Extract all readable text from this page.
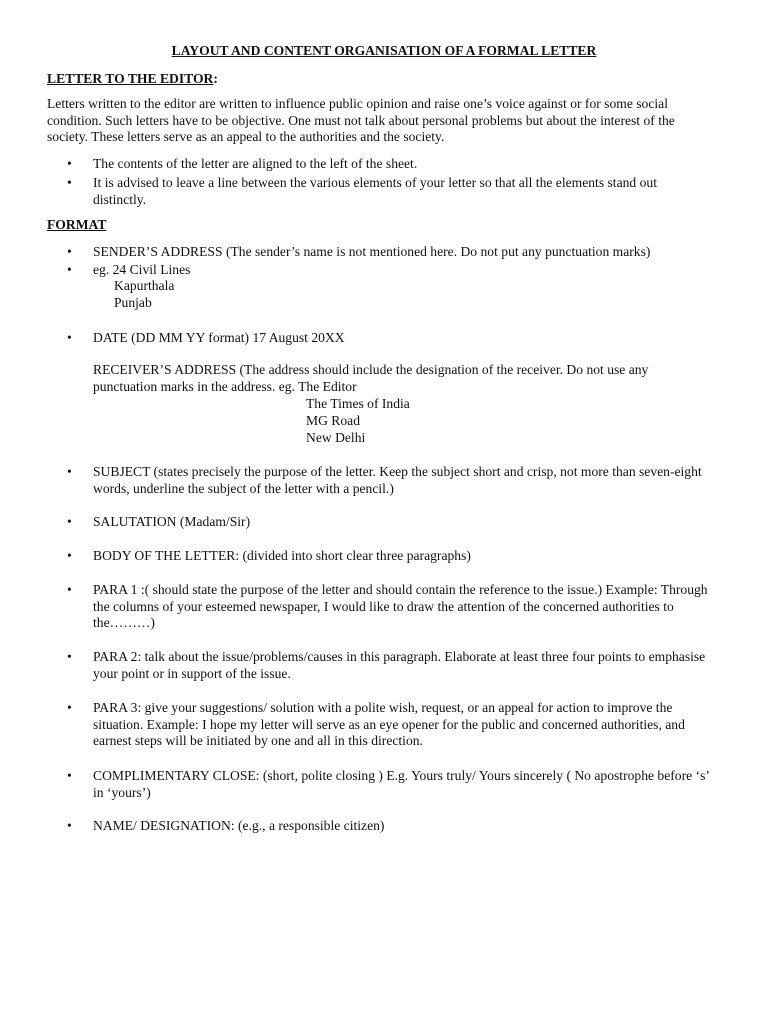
LAYOUT AND CONTENT ORGANISATION OF A FORMAL LETTER
LETTER TO THE EDITOR:

Letters written to the editor are written to influence public opinion and raise one’s voice against or for some social condition. Such letters have to be objective. One must not talk about personal problems but about the interest of the society. These letters serve as an appeal to the authorities and the society.

• The contents of the letter are aligned to the left of the sheet.
• It is advised to leave a line between the various elements of your letter so that all the elements stand out distinctly.
FORMAT
• SENDER’S ADDRESS (The sender’s name is not mentioned here. Do not put any punctuation marks)
• eg. 24 Civil Lines
Kapurthala
Punjab
• DATE (DD MM YY format) 17 August 20XX
RECEIVER’S ADDRESS (The address should include the designation of the receiver. Do not use any punctuation marks in the address. eg. The Editor
The Times of India
MG Road
New Delhi
• SUBJECT (states precisely the purpose of the letter. Keep the subject short and crisp, not more than seven-eight words, underline the subject of the letter with a pencil.)
• SALUTATION (Madam/Sir)
• BODY OF THE LETTER: (divided into short clear three paragraphs)
• PARA 1 :( should state the purpose of the letter and should contain the reference to the issue.) Example: Through the columns of your esteemed newspaper, I would like to draw the attention of the concerned authorities to the………)
• PARA 2: talk about the issue/problems/causes in this paragraph. Elaborate at least three four points to emphasise your point or in support of the issue.
• PARA 3: give your suggestions/ solution with a polite wish, request, or an appeal for action to improve the situation. Example: I hope my letter will serve as an eye opener for the public and concerned authorities, and earnest steps will be initiated by one and all in this direction.
• COMPLIMENTARY CLOSE: (short, polite closing ) E.g. Yours truly/ Yours sincerely ( No apostrophe before ‘s’ in ‘yours’)
• NAME/ DESIGNATION: (e.g., a responsible citizen)
